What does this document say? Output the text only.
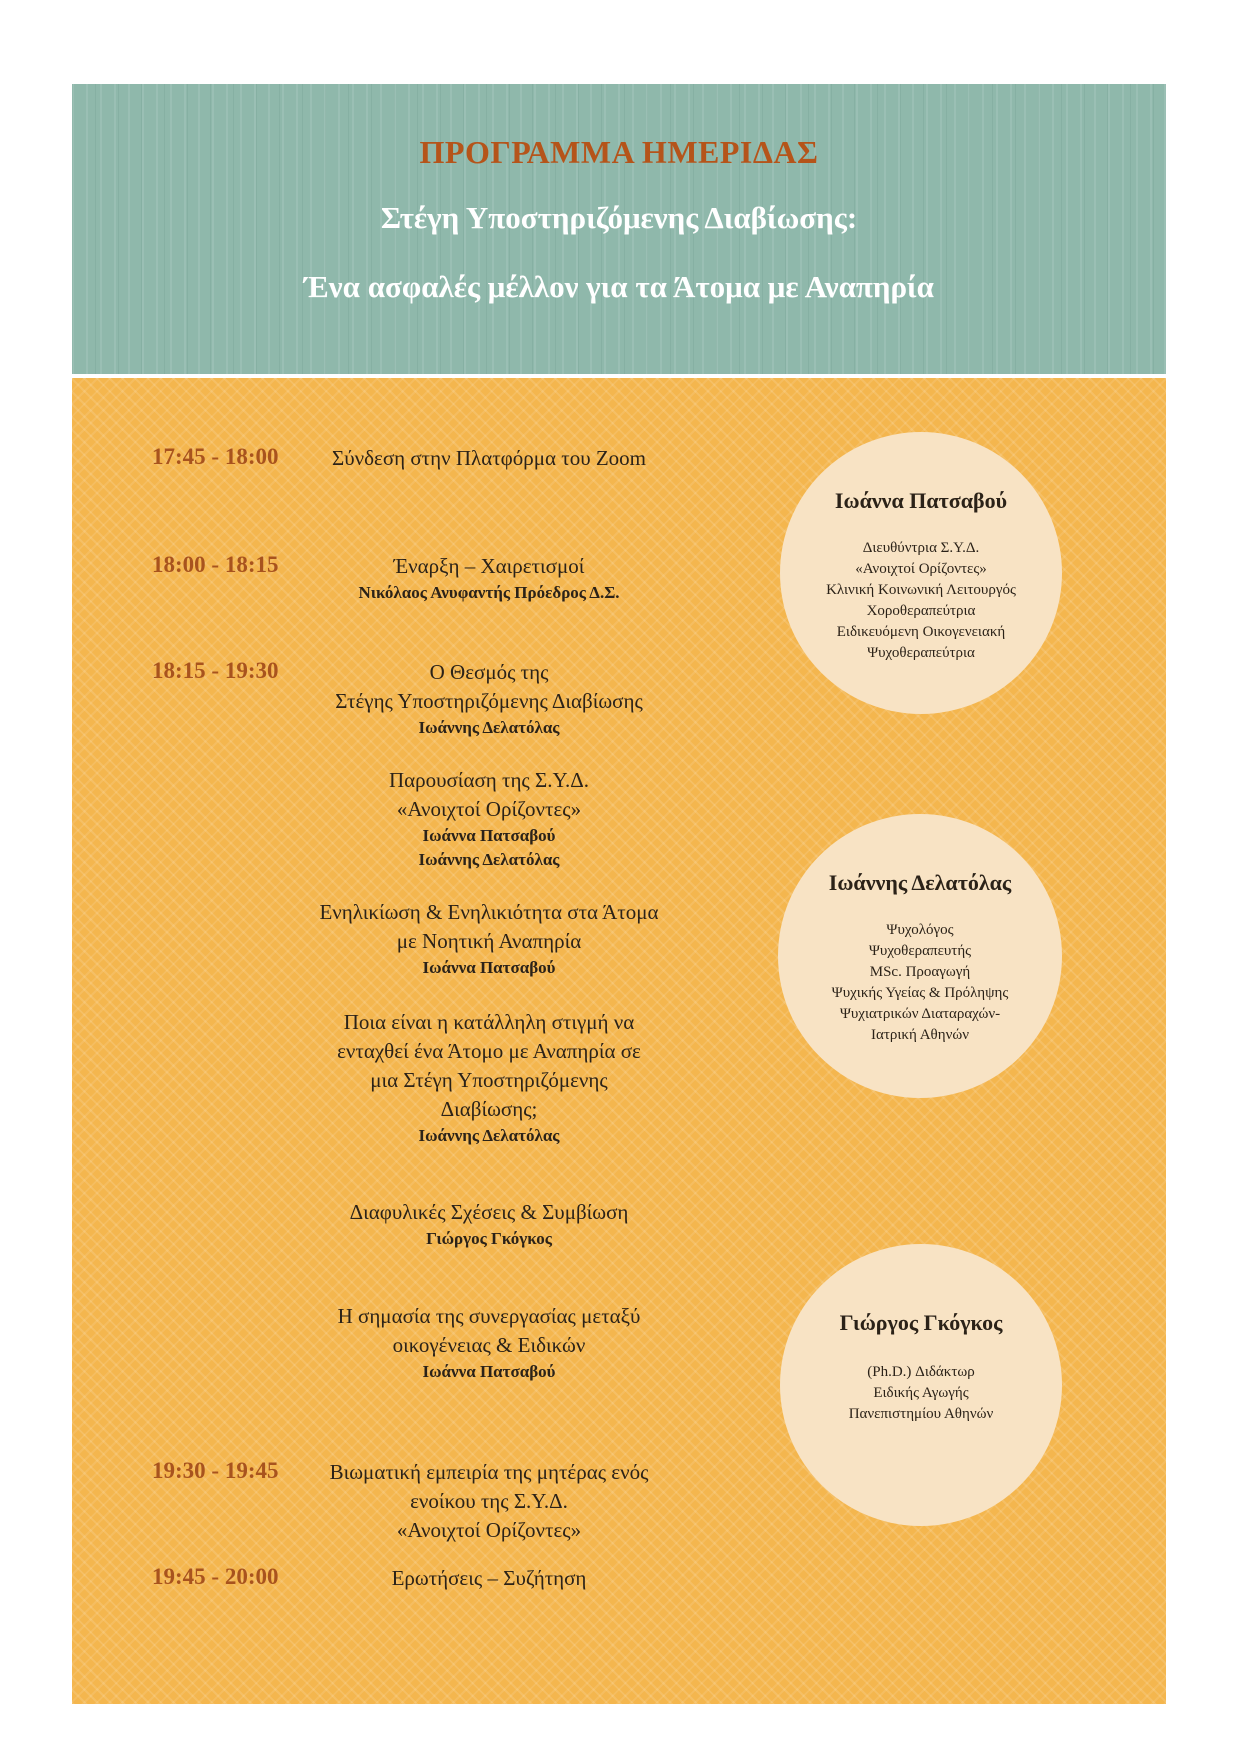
ΠΡΟΓΡΑΜΜΑ ΗΜΕΡΙΔΑΣ
Στέγη Υποστηριζόμενης Διαβίωσης:
Ένα ασφαλές μέλλον για τα Άτομα με Αναπηρία
17:45 - 18:00	Σύνδεση στην Πλατφόρμα του Zoom
18:00 - 18:15	Έναρξη – Χαιρετισμοί
Νικόλαος Ανυφαντής Πρόεδρος Δ.Σ.
18:15 - 19:30	Ο Θεσμός της
Στέγης Υποστηριζόμενης Διαβίωσης
Ιωάννης Δελατόλας
Παρουσίαση της Σ.Υ.Δ.
«Ανοιχτοί Ορίζοντες»
Ιωάννα Πατσαβού
Ιωάννης Δελατόλας
Ενηλικίωση & Ενηλικιότητα στα Άτομα
με Νοητική Αναπηρία
Ιωάννα Πατσαβού
Ποια είναι η κατάλληλη στιγμή να
ενταχθεί ένα Άτομο με Αναπηρία σε
μια Στέγη Υποστηριζόμενης
Διαβίωσης;
Ιωάννης Δελατόλας
Διαφυλικές Σχέσεις & Συμβίωση
Γιώργος Γκόγκος
Η σημασία της συνεργασίας μεταξύ
οικογένειας & Ειδικών
Ιωάννα Πατσαβού
19:30 - 19:45	Βιωματική εμπειρία της μητέρας ενός
ενοίκου της Σ.Υ.Δ.
«Ανοιχτοί Ορίζοντες»
19:45 - 20:00	Ερωτήσεις – Συζήτηση
Ιωάννα Πατσαβού
Διευθύντρια Σ.Υ.Δ.
«Ανοιχτοί Ορίζοντες»
Κλινική Κοινωνική Λειτουργός
Χοροθεραπεύτρια
Ειδικευόμενη Οικογενειακή
Ψυχοθεραπεύτρια
Ιωάννης Δελατόλας
Ψυχολόγος
Ψυχοθεραπευτής
MSc. Προαγωγή
Ψυχικής Υγείας & Πρόληψης
Ψυχιατρικών Διαταραχών-
Ιατρική Αθηνών
Γιώργος Γκόγκος
(Ph.D.) Διδάκτωρ
Ειδικής Αγωγής
Πανεπιστημίου Αθηνών
